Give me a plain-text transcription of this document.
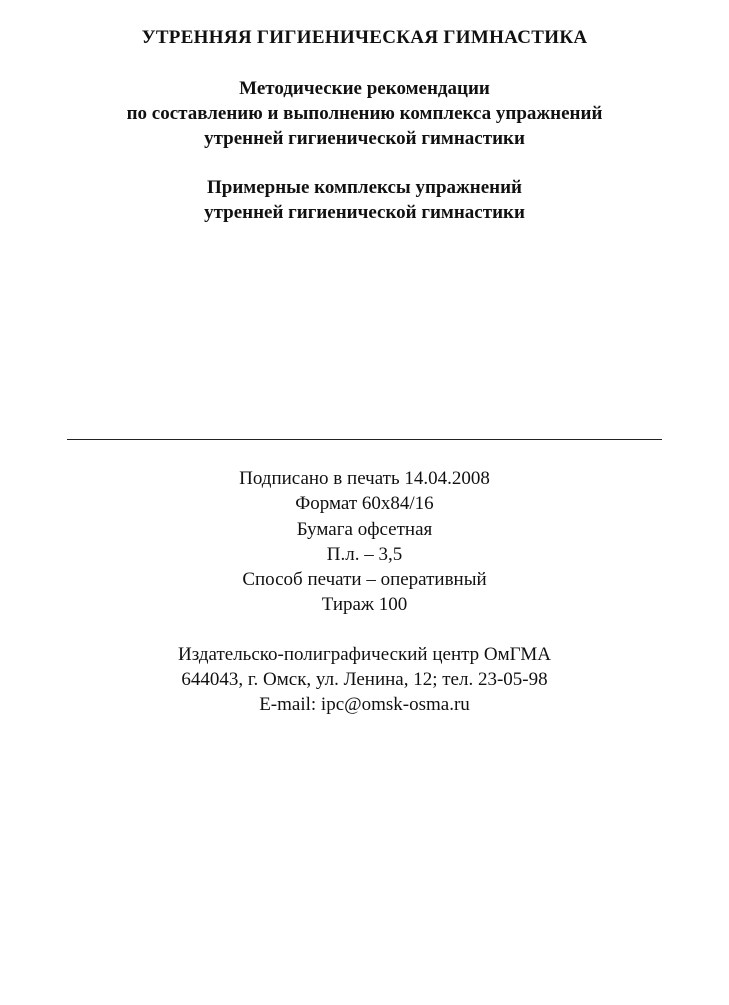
УТРЕННЯЯ ГИГИЕНИЧЕСКАЯ ГИМНАСТИКА
Методические рекомендации
по составлению и выполнению комплекса упражнений
утренней гигиенической гимнастики
Примерные комплексы упражнений
утренней гигиенической гимнастики
Подписано в печать 14.04.2008
Формат 60х84/16
Бумага офсетная
П.л. – 3,5
Способ печати – оперативный
Тираж 100
Издательско-полиграфический центр ОмГМА
644043, г. Омск, ул. Ленина, 12; тел. 23-05-98
E-mail: ipc@omsk-osma.ru
